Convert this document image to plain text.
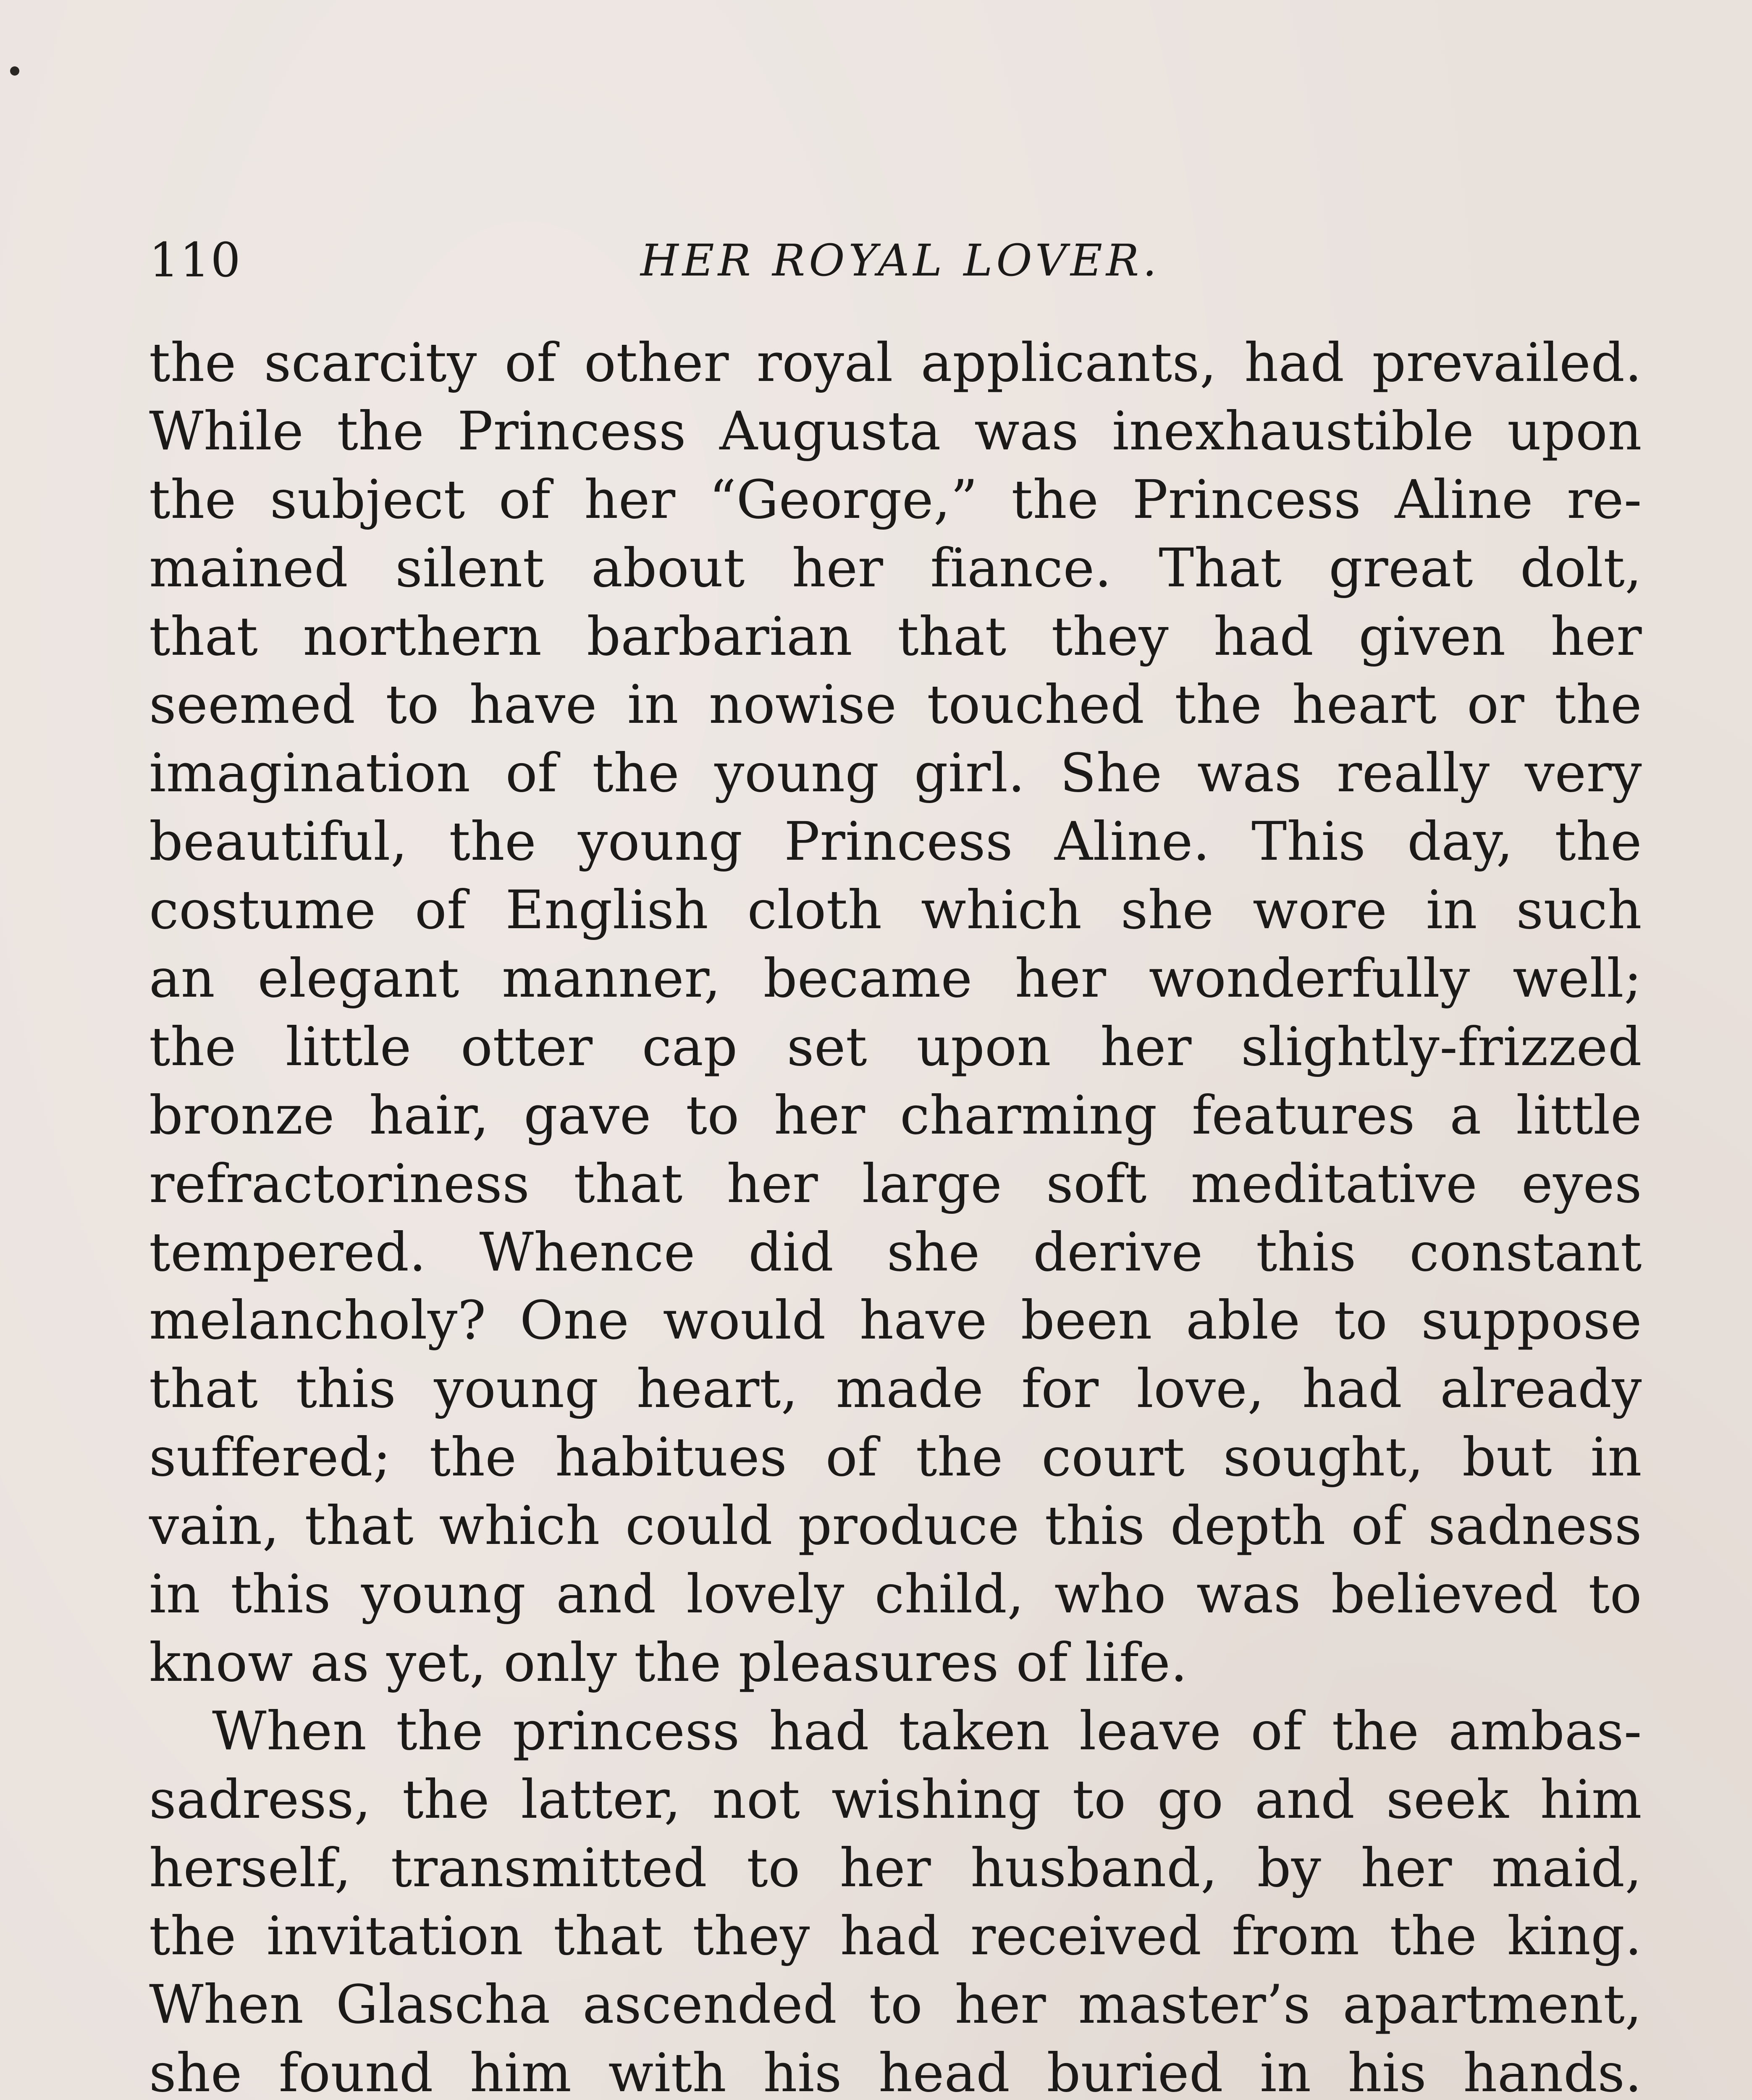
110	HER ROYAL LOVER.
the scarcity of other royal applicants, had prevailed.
While the Princess Augusta was inexhaustible upon
the subject of her “George,” the Princess Aline re-
mained silent about her fiance. That great dolt,
that northern barbarian that they had given her
seemed to have in nowise touched the heart or the
imagination of the young girl. She was really very
beautiful, the young Princess Aline. This day, the
costume of English cloth which she wore in such
an elegant manner, became her wonderfully well;
the little otter cap set upon her slightly-frizzed
bronze hair, gave to her charming features a little
refractoriness that her large soft meditative eyes
tempered. Whence did she derive this constant
melancholy? One would have been able to suppose
that this young heart, made for love, had already
suffered; the habitues of the court sought, but in
vain, that which could produce this depth of sadness
in this young and lovely child, who was believed to
know as yet, only the pleasures of life.
When the princess had taken leave of the ambas-
sadress, the latter, not wishing to go and seek him
herself, transmitted to her husband, by her maid,
the invitation that they had received from the king.
When Glascha ascended to her master’s apartment,
she found him with his head buried in his hands.
